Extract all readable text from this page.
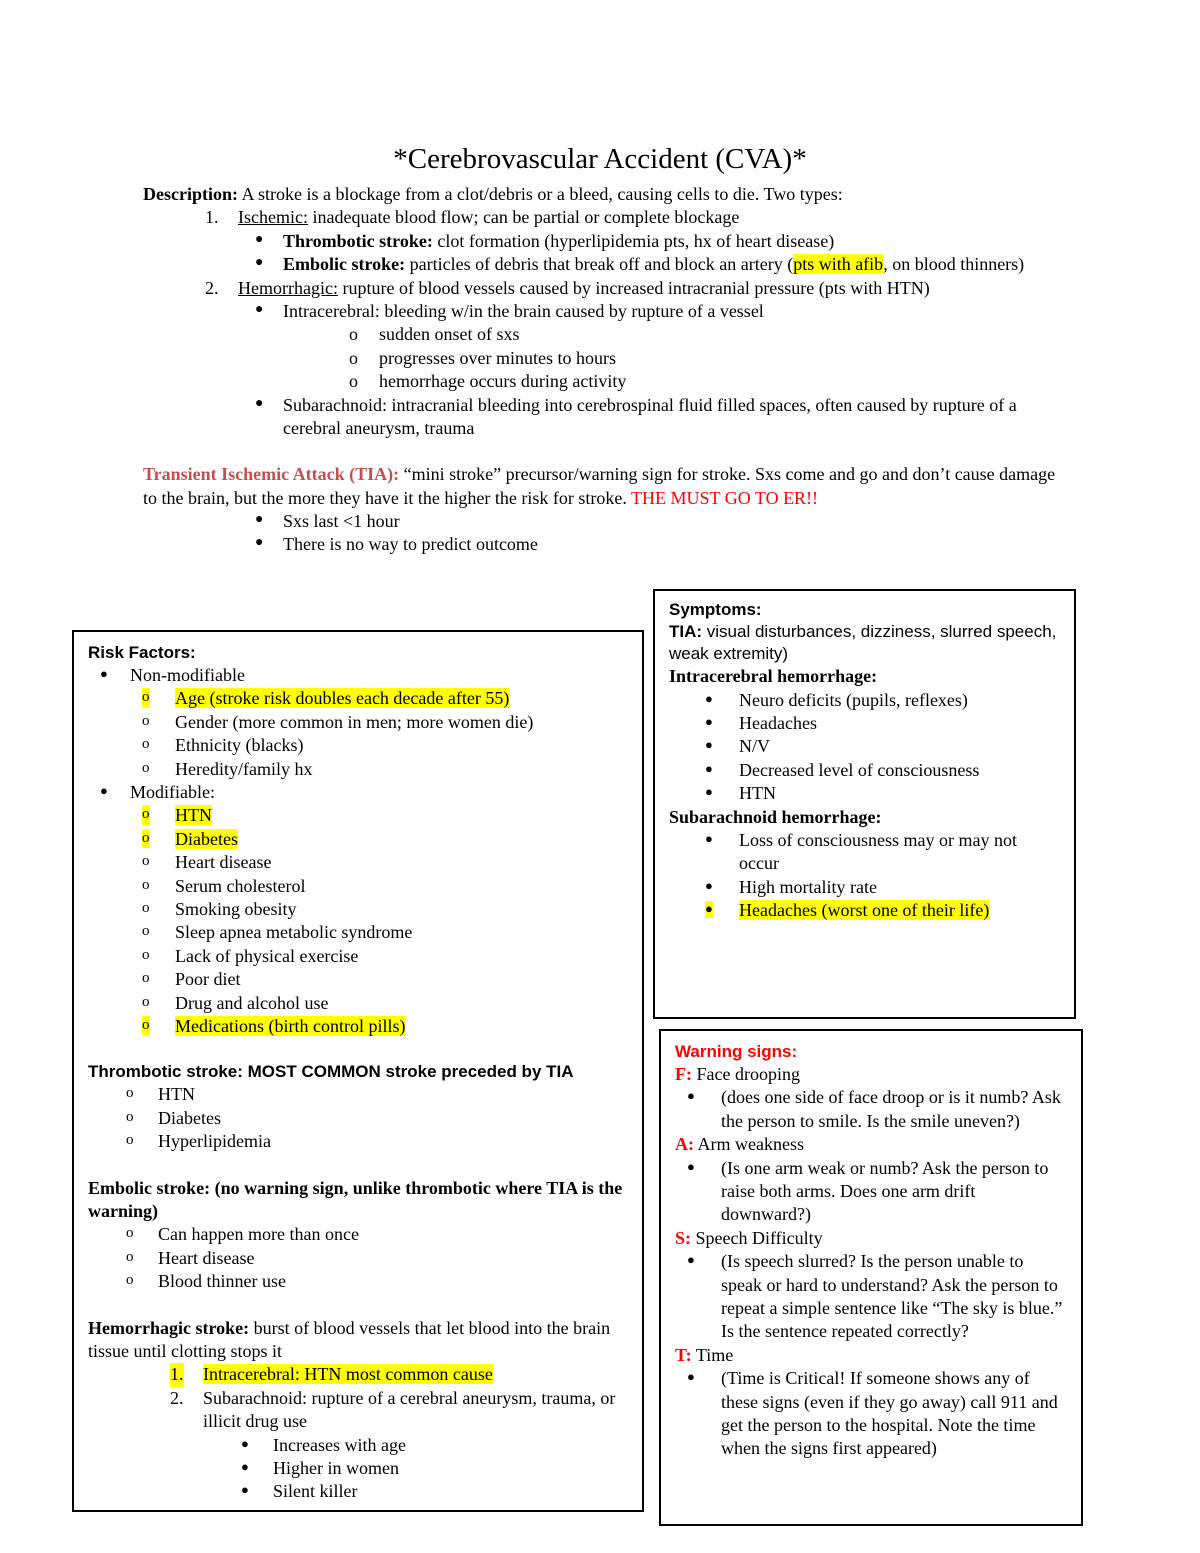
*Cerebrovascular Accident (CVA)*

Description: A stroke is a blockage from a clot/debris or a bleed, causing cells to die. Two types:

1. Ischemic: inadequate blood flow; can be partial or complete blockage
● Thrombotic stroke: clot formation (hyperlipidemia pts, hx of heart disease)
● Embolic stroke: particles of debris that break off and block an artery (pts with afib, on blood thinners)
2. Hemorrhagic: rupture of blood vessels caused by increased intracranial pressure (pts with HTN)
● Intracerebral: bleeding w/in the brain caused by rupture of a vessel
o sudden onset of sxs
o progresses over minutes to hours
o hemorrhage occurs during activity
● Subarachnoid: intracranial bleeding into cerebrospinal fluid filled spaces, often caused by rupture of a cerebral aneurysm, trauma

Transient Ischemic Attack (TIA): “mini stroke” precursor/warning sign for stroke. Sxs come and go and don’t cause damage to the brain, but the more they have it the higher the risk for stroke. THE MUST GO TO ER!!

● Sxs last <1 hour
● There is no way to predict outcome
Risk Factors:
● Non-modifiable
o Age (stroke risk doubles each decade after 55)
o Gender (more common in men; more women die)
o Ethnicity (blacks)
o Heredity/family hx
● Modifiable:
o HTN
o Diabetes
o Heart disease
o Serum cholesterol
o Smoking obesity
o Sleep apnea metabolic syndrome
o Lack of physical exercise
o Poor diet
o Drug and alcohol use
o Medications (birth control pills)
Thrombotic stroke: MOST COMMON stroke preceded by TIA
o HTN
o Diabetes
o Hyperlipidemia
Embolic stroke: (no warning sign, unlike thrombotic where TIA is the warning)
o Can happen more than once
o Heart disease
o Blood thinner use
Hemorrhagic stroke: burst of blood vessels that let blood into the brain tissue until clotting stops it
1. Intracerebral: HTN most common cause
2. Subarachnoid: rupture of a cerebral aneurysm, trauma, or illicit drug use
● Increases with age
● Higher in women
● Silent killer
Symptoms:
TIA: visual disturbances, dizziness, slurred speech, weak extremity)
Intracerebral hemorrhage:
● Neuro deficits (pupils, reflexes)
● Headaches
● N/V
● Decreased level of consciousness
● HTN
Subarachnoid hemorrhage:
● Loss of consciousness may or may not occur
● High mortality rate
● Headaches (worst one of their life)
Warning signs:
F: Face drooping
● (does one side of face droop or is it numb? Ask the person to smile. Is the smile uneven?)
A: Arm weakness
● (Is one arm weak or numb? Ask the person to raise both arms. Does one arm drift downward?)
S: Speech Difficulty
● (Is speech slurred? Is the person unable to speak or hard to understand? Ask the person to repeat a simple sentence like “The sky is blue.” Is the sentence repeated correctly?
T: Time
● (Time is Critical! If someone shows any of these signs (even if they go away) call 911 and get the person to the hospital. Note the time when the signs first appeared)
